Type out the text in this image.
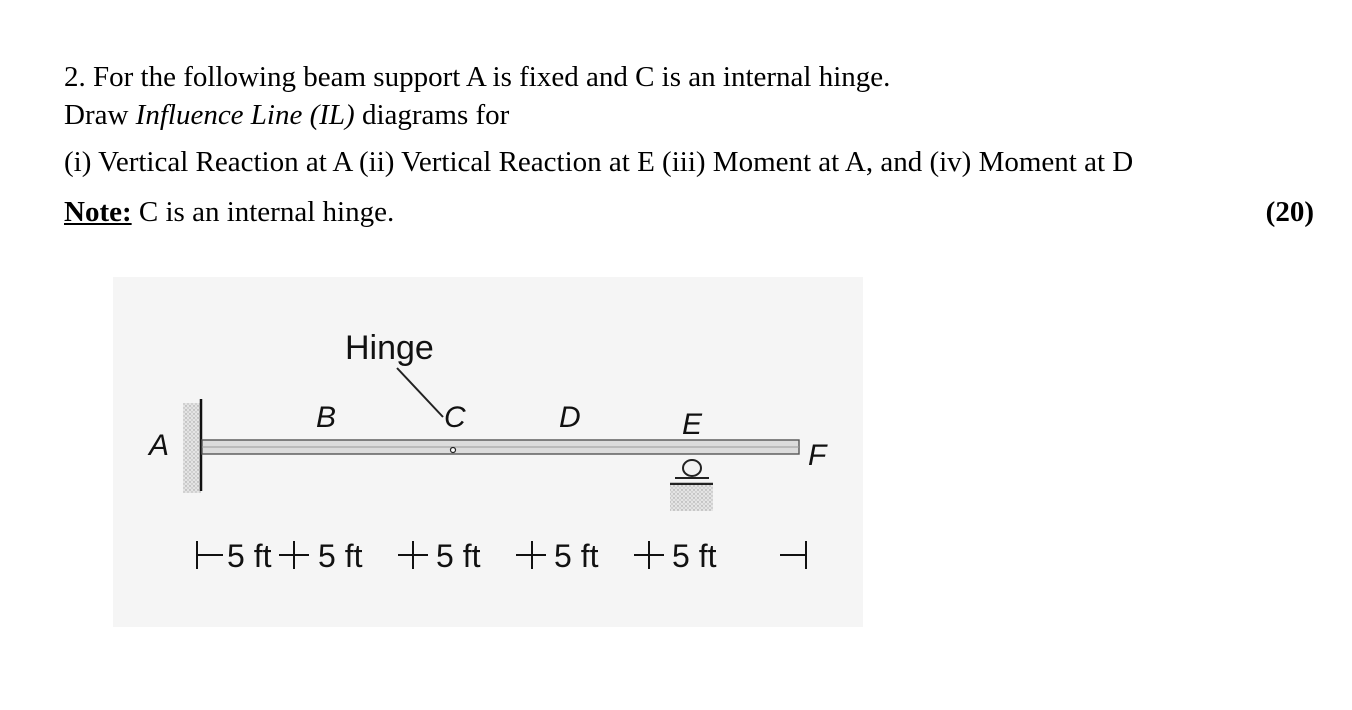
2. For the following beam support A is fixed and C is an internal hinge.
Draw Influence Line (IL) diagrams for
(i) Vertical Reaction at A (ii) Vertical Reaction at E (iii) Moment at A, and (iv) Moment at D
Note: C is an internal hinge.	(20)
Hinge
A
B	C	D	E
F
5 ft 5 ft 5 ft 5 ft 5 ft
